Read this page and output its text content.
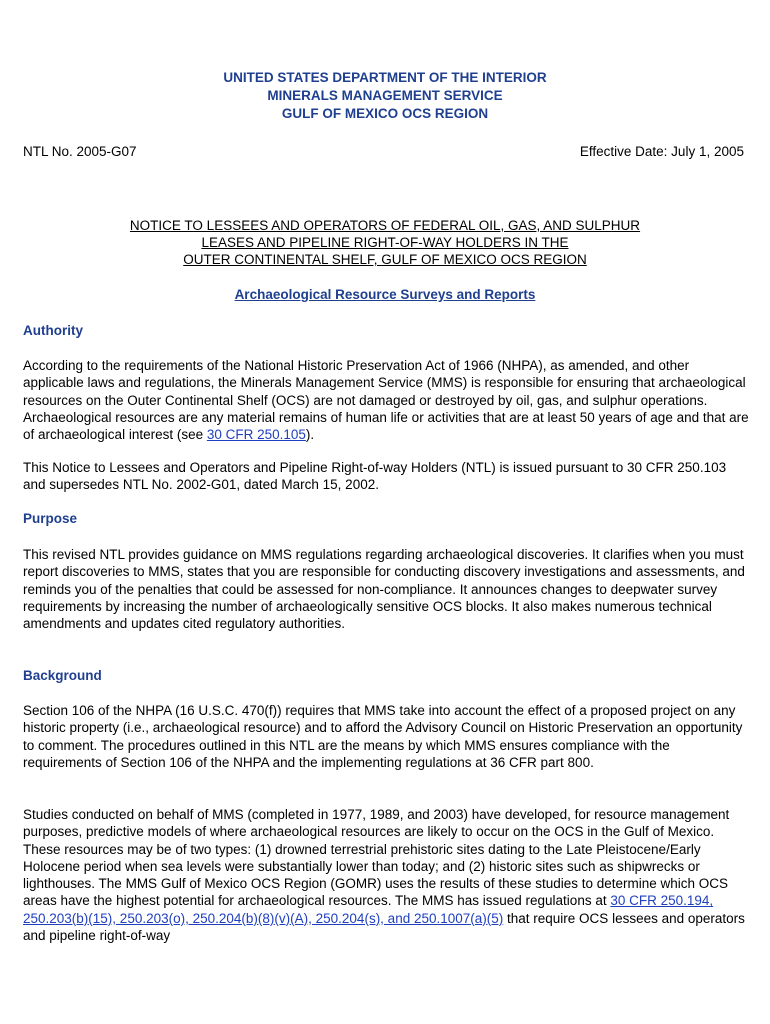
UNITED STATES DEPARTMENT OF THE INTERIOR
MINERALS MANAGEMENT SERVICE
GULF OF MEXICO OCS REGION
NTL No. 2005-G07	Effective Date: July 1, 2005
NOTICE TO LESSEES AND OPERATORS OF FEDERAL OIL, GAS, AND SULPHUR
LEASES AND PIPELINE RIGHT-OF-WAY HOLDERS IN THE
OUTER CONTINENTAL SHELF, GULF OF MEXICO OCS REGION
Archaeological Resource Surveys and Reports
Authority
According to the requirements of the National Historic Preservation Act of 1966 (NHPA), as amended, and other applicable laws and regulations, the Minerals Management Service (MMS) is responsible for ensuring that archaeological resources on the Outer Continental Shelf (OCS) are not damaged or destroyed by oil, gas, and sulphur operations. Archaeological resources are any material remains of human life or activities that are at least 50 years of age and that are of archaeological interest (see 30 CFR 250.105).
This Notice to Lessees and Operators and Pipeline Right-of-way Holders (NTL) is issued pursuant to 30 CFR 250.103 and supersedes NTL No. 2002-G01, dated March 15, 2002.
Purpose
This revised NTL provides guidance on MMS regulations regarding archaeological discoveries. It clarifies when you must report discoveries to MMS, states that you are responsible for conducting discovery investigations and assessments, and reminds you of the penalties that could be assessed for non-compliance. It announces changes to deepwater survey requirements by increasing the number of archaeologically sensitive OCS blocks. It also makes numerous technical amendments and updates cited regulatory authorities.
Background
Section 106 of the NHPA (16 U.S.C. 470(f)) requires that MMS take into account the effect of a proposed project on any historic property (i.e., archaeological resource) and to afford the Advisory Council on Historic Preservation an opportunity to comment. The procedures outlined in this NTL are the means by which MMS ensures compliance with the requirements of Section 106 of the NHPA and the implementing regulations at 36 CFR part 800.
Studies conducted on behalf of MMS (completed in 1977, 1989, and 2003) have developed, for resource management purposes, predictive models of where archaeological resources are likely to occur on the OCS in the Gulf of Mexico. These resources may be of two types: (1) drowned terrestrial prehistoric sites dating to the Late Pleistocene/Early Holocene period when sea levels were substantially lower than today; and (2) historic sites such as shipwrecks or lighthouses. The MMS Gulf of Mexico OCS Region (GOMR) uses the results of these studies to determine which OCS areas have the highest potential for archaeological resources. The MMS has issued regulations at 30 CFR 250.194, 250.203(b)(15), 250.203(o), 250.204(b)(8)(v)(A), 250.204(s), and 250.1007(a)(5) that require OCS lessees and operators and pipeline right-of-way
